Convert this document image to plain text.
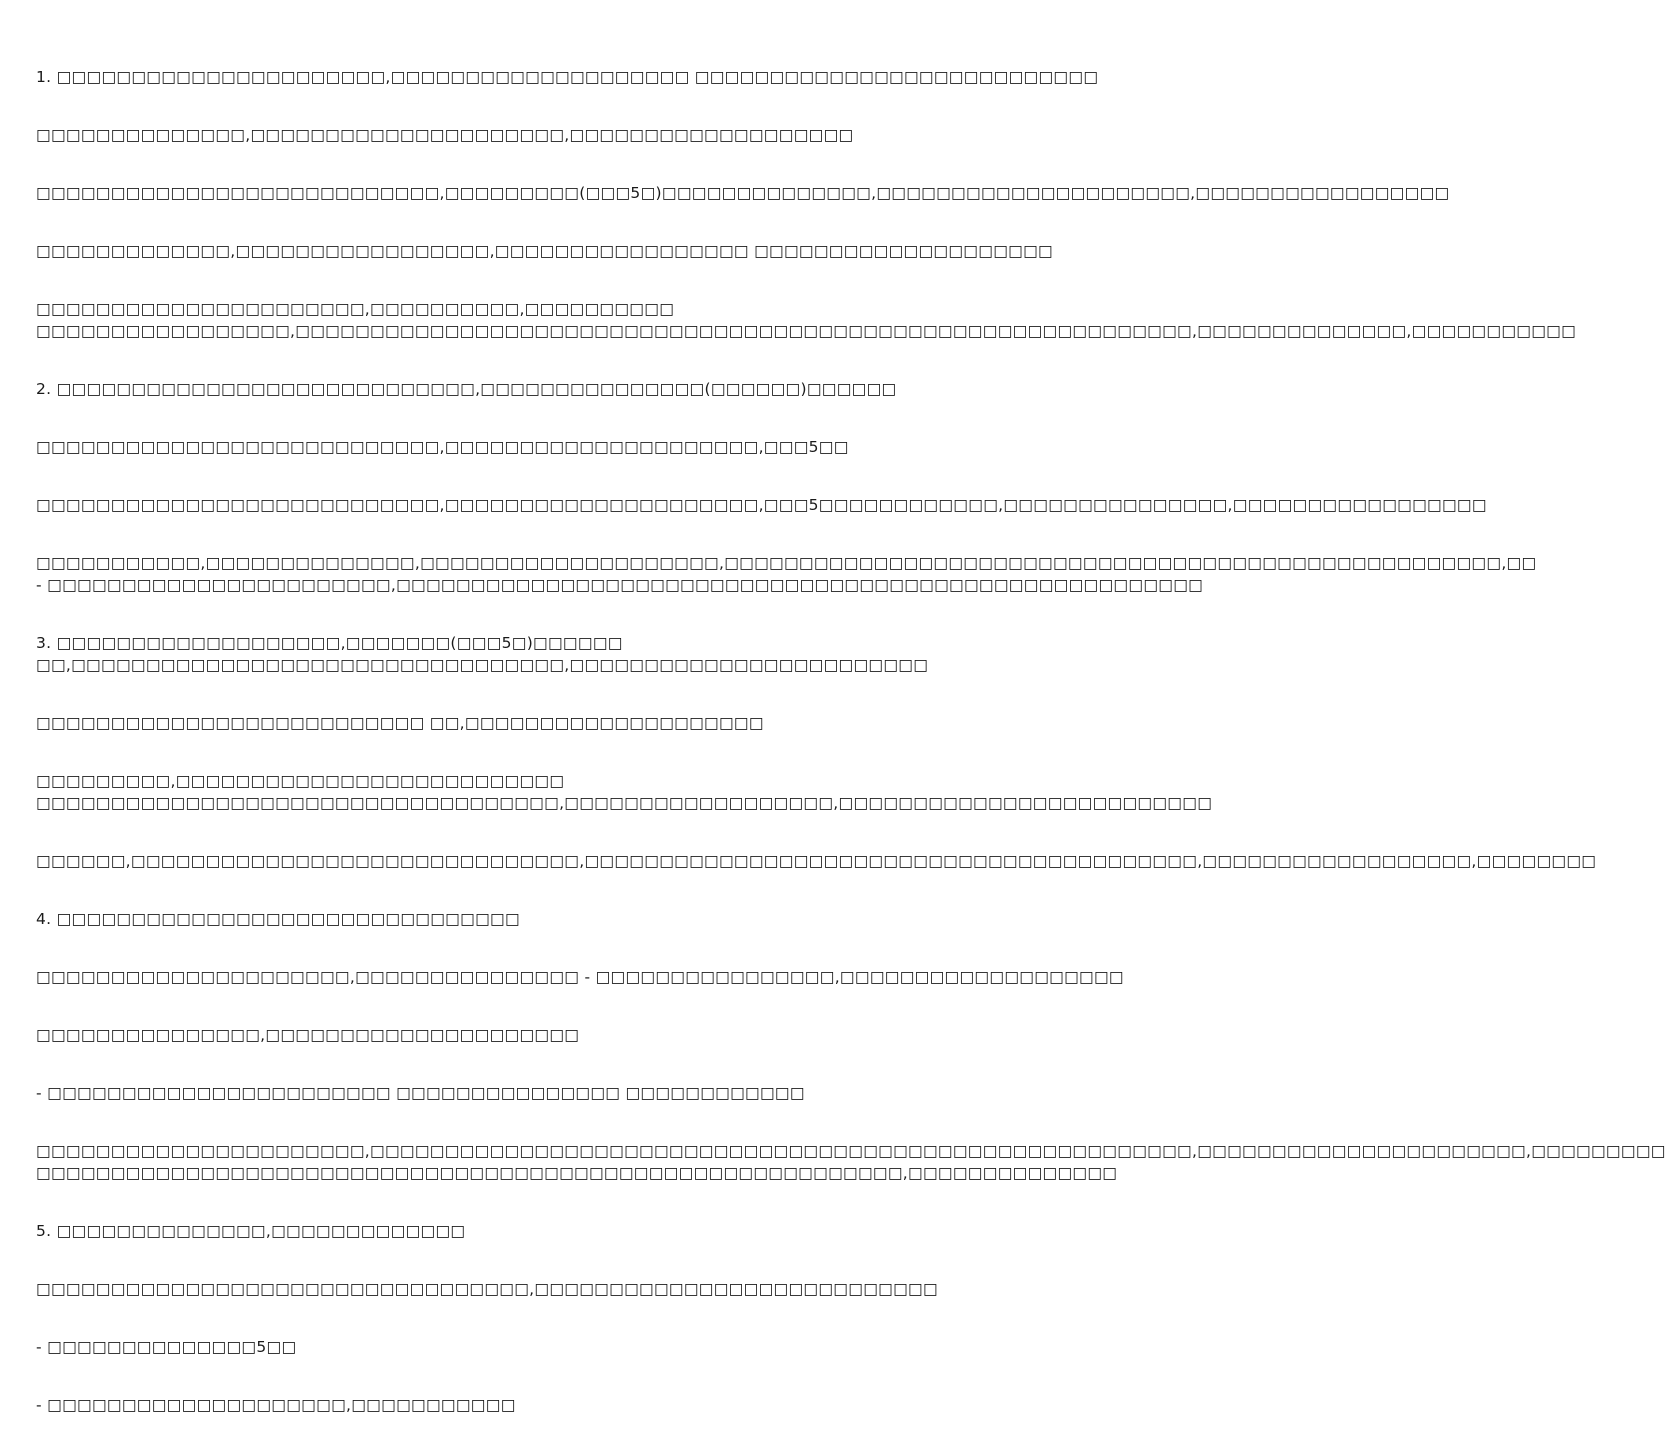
1. □□□□□□□□□□□□□□□□□□□□□□,□□□□□□□□□□□□□□□□□□□□ □□□□□□□□□□□□□□□□□□□□□□□□□□□
□□□□□□□□□□□□□□,□□□□□□□□□□□□□□□□□□□□□,□□□□□□□□□□□□□□□□□□□
□□□□□□□□□□□□□□□□□□□□□□□□□□□,□□□□□□□□□(□□□5□)□□□□□□□□□□□□□□,□□□□□□□□□□□□□□□□□□□□□,□□□□□□□□□□□□□□□□□
□□□□□□□□□□□□□,□□□□□□□□□□□□□□□□□,□□□□□□□□□□□□□□□□□ □□□□□□□□□□□□□□□□□□□□
□□□□□□□□□□□□□□□□□□□□□□,□□□□□□□□□□,□□□□□□□□□□
□□□□□□□□□□□□□□□□□,□□□□□□□□□□□□□□□□□□□□□□□□□□□□□□□□□□□□□□□□□□□□□□□□□□□□□□□□□□□□,□□□□□□□□□□□□□□,□□□□□□□□□□□
2. □□□□□□□□□□□□□□□□□□□□□□□□□□□□,□□□□□□□□□□□□□□□(□□□□□□)□□□□□□
□□□□□□□□□□□□□□□□□□□□□□□□□□□,□□□□□□□□□□□□□□□□□□□□□,□□□5□□
□□□□□□□□□□□□□□□□□□□□□□□□□□□,□□□□□□□□□□□□□□□□□□□□□,□□□5□□□□□□□□□□□□,□□□□□□□□□□□□□□□,□□□□□□□□□□□□□□□□□
□□□□□□□□□□□,□□□□□□□□□□□□□□,□□□□□□□□□□□□□□□□□□□□,□□□□□□□□□□□□□□□□□□□□□□□□□□□□□□□□□□□□□□□□□□□□□□□□□□□□,□□
- □□□□□□□□□□□□□□□□□□□□□□□,□□□□□□□□□□□□□□□□□□□□□□□□□□□□□□□□□□□□□□□□□□□□□□□□□□□□□□
3. □□□□□□□□□□□□□□□□□□□,□□□□□□□(□□□5□)□□□□□□
□□,□□□□□□□□□□□□□□□□□□□□□□□□□□□□□□□□□,□□□□□□□□□□□□□□□□□□□□□□□□
□□□□□□□□□□□□□□□□□□□□□□□□□□ □□,□□□□□□□□□□□□□□□□□□□□
□□□□□□□□□,□□□□□□□□□□□□□□□□□□□□□□□□□□
□□□□□□□□□□□□□□□□□□□□□□□□□□□□□□□□□□□,□□□□□□□□□□□□□□□□□□,□□□□□□□□□□□□□□□□□□□□□□□□□
□□□□□□,□□□□□□□□□□□□□□□□□□□□□□□□□□□□□□,□□□□□□□□□□□□□□□□□□□□□□□□□□□□□□□□□□□□□□□□□,□□□□□□□□□□□□□□□□□□,□□□□□□□□
4. □□□□□□□□□□□□□□□□□□□□□□□□□□□□□□□
□□□□□□□□□□□□□□□□□□□□□,□□□□□□□□□□□□□□□ - □□□□□□□□□□□□□□□□,□□□□□□□□□□□□□□□□□□□
□□□□□□□□□□□□□□□,□□□□□□□□□□□□□□□□□□□□□
- □□□□□□□□□□□□□□□□□□□□□□□ □□□□□□□□□□□□□□□ □□□□□□□□□□□□
□□□□□□□□□□□□□□□□□□□□□□,□□□□□□□□□□□□□□□□□□□□□□□□□□□□□□□□□□□□□□□□□□□□□□□□□□□□□□□,□□□□□□□□□□□□□□□□□□□□□□,□□□□□□□□□
□□□□□□□□□□□□□□□□□□□□□□□□□□□□□□□□□□□□□□□□□□□□□□□□□□□□□□□□□□,□□□□□□□□□□□□□□
5. □□□□□□□□□□□□□□,□□□□□□□□□□□□□
□□□□□□□□□□□□□□□□□□□□□□□□□□□□□□□□□,□□□□□□□□□□□□□□□□□□□□□□□□□□□
- □□□□□□□□□□□□□□5□□
- □□□□□□□□□□□□□□□□□□□□,□□□□□□□□□□□
